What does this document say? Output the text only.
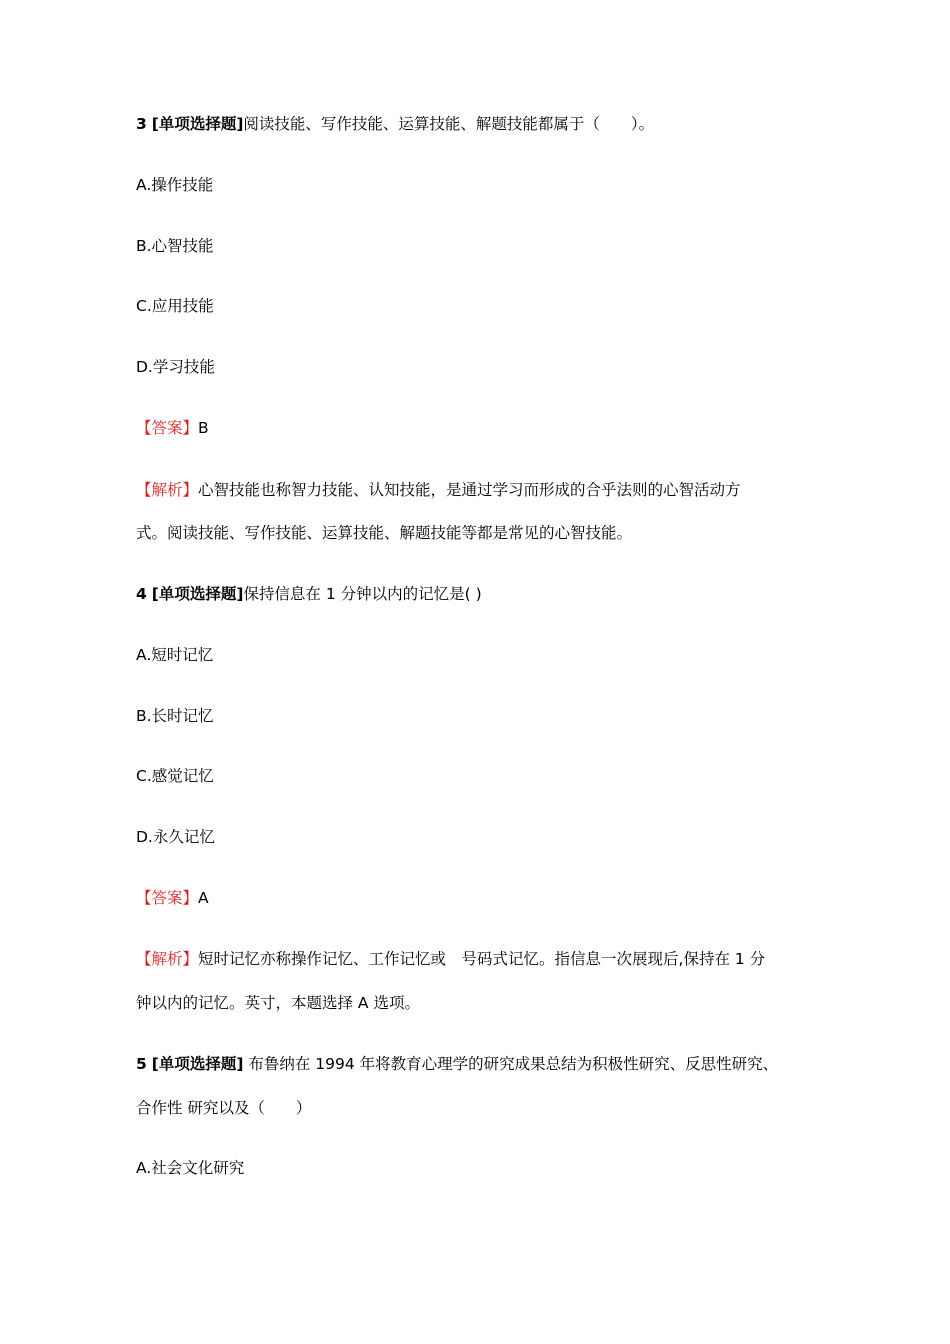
3 [单项选择题]阅读技能、写作技能、运算技能、解题技能都属于（　　）。
A.操作技能
B.心智技能
C.应用技能
D.学习技能
【答案】B
【解析】心智技能也称智力技能、认知技能，是通过学习而形成的合乎法则的心智活动方
式。阅读技能、写作技能、运算技能、解题技能等都是常见的心智技能。
4 [单项选择题]保持信息在 1 分钟以内的记忆是( )
A.短时记忆
B.长时记忆
C.感觉记忆
D.永久记忆
【答案】A
【解析】短时记忆亦称操作记忆、工作记忆或　号码式记忆。指信息一次展现后,保持在 1 分
钟以内的记忆。英寸，本题选择 A 选项。
5 [单项选择题] 布鲁纳在 1994 年将教育心理学的研究成果总结为积极性研究、反思性研究、
合作性 研究以及（　　）
A.社会文化研究
